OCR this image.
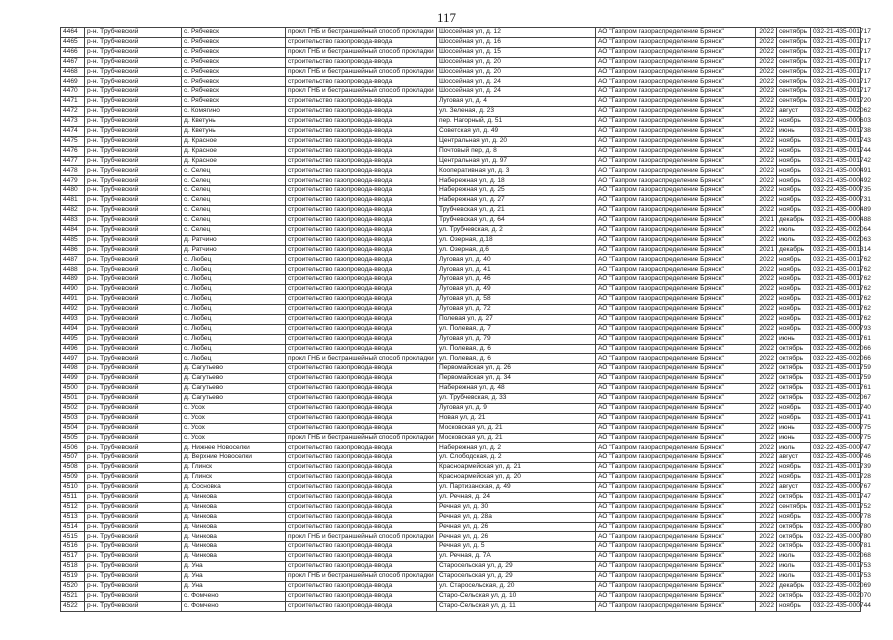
117
4464	р-н. Трубчевский	с. Рябчевск	прокл ГНБ и бестраншейный способ прокладки	Шоссейная ул, д. 12	АО "Газпром газораспределение Брянск"	2022	сентябрь	032-21-435-001717
4465	р-н. Трубчевский	с. Рябчевск	строительство газопровода-ввода	Шоссейная ул, д. 16	АО "Газпром газораспределение Брянск"	2022	сентябрь	032-21-435-001717
4466	р-н. Трубчевский	с. Рябчевск	прокл ГНБ и бестраншейный способ прокладки	Шоссейная ул, д. 15	АО "Газпром газораспределение Брянск"	2022	сентябрь	032-21-435-001717
4467	р-н. Трубчевский	с. Рябчевск	строительство газопровода-ввода	Шоссейная ул, д. 20	АО "Газпром газораспределение Брянск"	2022	сентябрь	032-21-435-001717
4468	р-н. Трубчевский	с. Рябчевск	прокл ГНБ и бестраншейный способ прокладки	Шоссейная ул, д. 20	АО "Газпром газораспределение Брянск"	2022	сентябрь	032-21-435-001717
4469	р-н. Трубчевский	с. Рябчевск	строительство газопровода-ввода	Шоссейная ул, д. 24	АО "Газпром газораспределение Брянск"	2022	сентябрь	032-21-435-001717
4470	р-н. Трубчевский	с. Рябчевск	прокл ГНБ и бестраншейный способ прокладки	Шоссейная ул, д. 24	АО "Газпром газораспределение Брянск"	2022	сентябрь	032-21-435-001717
4471	р-н. Трубчевский	с. Рябчевск	строительство газопровода-ввода	Луговая ул, д. 4	АО "Газпром газораспределение Брянск"	2022	сентябрь	032-21-435-001720
4472	р-н. Трубчевский	с. Комягино	строительство газопровода-ввода	ул. Зеленая, д. 23	АО "Газпром газораспределение Брянск"	2022	август	032-22-435-002062
4473	р-н. Трубчевский	д. Кветунь	строительство газопровода-ввода	пер. Нагорный, д. 51	АО "Газпром газораспределение Брянск"	2022	ноябрь	032-22-435-000603
4474	р-н. Трубчевский	д. Кветунь	строительство газопровода-ввода	Советская ул, д. 49	АО "Газпром газораспределение Брянск"	2022	июнь	032-21-435-001738
4475	р-н. Трубчевский	д. Красное	строительство газопровода-ввода	Центральная ул, д. 20	АО "Газпром газораспределение Брянск"	2022	ноябрь	032-21-435-001743
4476	р-н. Трубчевский	д. Красное	строительство газопровода-ввода	Почтовый пер, д. 8	АО "Газпром газораспределение Брянск"	2022	ноябрь	032-21-435-001744
4477	р-н. Трубчевский	д. Красное	строительство газопровода-ввода	Центральная ул, д. 97	АО "Газпром газораспределение Брянск"	2022	ноябрь	032-21-435-001742
4478	р-н. Трубчевский	с. Селец	строительство газопровода-ввода	Кооперативная ул, д. 3	АО "Газпром газораспределение Брянск"	2022	ноябрь	032-21-435-000491
4479	р-н. Трубчевский	с. Селец	строительство газопровода-ввода	Набережная ул, д. 18	АО "Газпром газораспределение Брянск"	2022	ноябрь	032-21-435-000492
4480	р-н. Трубчевский	с. Селец	строительство газопровода-ввода	Набережная ул, д. 25	АО "Газпром газораспределение Брянск"	2022	ноябрь	032-22-435-000735
4481	р-н. Трубчевский	с. Селец	строительство газопровода-ввода	Набережная ул, д. 27	АО "Газпром газораспределение Брянск"	2022	ноябрь	032-22-435-000731
4482	р-н. Трубчевский	с. Селец	строительство газопровода-ввода	Трубчевская ул, д. 21	АО "Газпром газораспределение Брянск"	2022	ноябрь	032-21-435-000489
4483	р-н. Трубчевский	с. Селец	строительство газопровода-ввода	Трубчевская ул, д. 64	АО "Газпром газораспределение Брянск"	2021	декабрь	032-21-435-000488
4484	р-н. Трубчевский	с. Селец	строительство газопровода-ввода	ул. Трубчевская, д. 2	АО "Газпром газораспределение Брянск"	2022	июль	032-22-435-002064
4485	р-н. Трубчевский	д. Ратчино	строительство газопровода-ввода	ул. Озерная, д.18	АО "Газпром газораспределение Брянск"	2022	июль	032-22-435-002063
4486	р-н. Трубчевский	д. Ратчино	строительство газопровода-ввода	ул. Озерная, д.6	АО "Газпром газораспределение Брянск"	2021	декабрь	032-21-435-001314
4487	р-н. Трубчевский	с. Любец	строительство газопровода-ввода	Луговая ул, д. 40	АО "Газпром газораспределение Брянск"	2022	ноябрь	032-21-435-001762
4488	р-н. Трубчевский	с. Любец	строительство газопровода-ввода	Луговая ул, д. 41	АО "Газпром газораспределение Брянск"	2022	ноябрь	032-21-435-001762
4489	р-н. Трубчевский	с. Любец	строительство газопровода-ввода	Луговая ул, д. 46	АО "Газпром газораспределение Брянск"	2022	ноябрь	032-21-435-001762
4490	р-н. Трубчевский	с. Любец	строительство газопровода-ввода	Луговая ул, д. 49	АО "Газпром газораспределение Брянск"	2022	ноябрь	032-21-435-001762
4491	р-н. Трубчевский	с. Любец	строительство газопровода-ввода	Луговая ул, д. 58	АО "Газпром газораспределение Брянск"	2022	ноябрь	032-21-435-001762
4492	р-н. Трубчевский	с. Любец	строительство газопровода-ввода	Луговая ул, д. 72	АО "Газпром газораспределение Брянск"	2022	ноябрь	032-21-435-001762
4493	р-н. Трубчевский	с. Любец	строительство газопровода-ввода	Полевая ул, д. 27	АО "Газпром газораспределение Брянск"	2022	ноябрь	032-21-435-001762
4494	р-н. Трубчевский	с. Любец	строительство газопровода-ввода	ул. Полевая, д. 7	АО "Газпром газораспределение Брянск"	2022	ноябрь	032-21-435-000793
4495	р-н. Трубчевский	с. Любец	строительство газопровода-ввода	Луговая ул, д. 79	АО "Газпром газораспределение Брянск"	2022	июнь	032-21-435-001761
4496	р-н. Трубчевский	с. Любец	строительство газопровода-ввода	ул. Полевая, д. 6	АО "Газпром газораспределение Брянск"	2022	октябрь	032-22-435-002066
4497	р-н. Трубчевский	с. Любец	прокл ГНБ и бестраншейный способ прокладки	ул. Полевая, д. 6	АО "Газпром газораспределение Брянск"	2022	октябрь	032-22-435-002066
4498	р-н. Трубчевский	д. Сагутьево	строительство газопровода-ввода	Первомайская ул, д. 26	АО "Газпром газораспределение Брянск"	2022	октябрь	032-21-435-001759
4499	р-н. Трубчевский	д. Сагутьево	строительство газопровода-ввода	Первомайская ул, д. 34	АО "Газпром газораспределение Брянск"	2022	октябрь	032-21-435-001759
4500	р-н. Трубчевский	д. Сагутьево	строительство газопровода-ввода	Набережная ул, д. 48	АО "Газпром газораспределение Брянск"	2022	октябрь	032-21-435-001761
4501	р-н. Трубчевский	д. Сагутьево	строительство газопровода-ввода	ул. Трубчевская, д. 33	АО "Газпром газораспределение Брянск"	2022	октябрь	032-22-435-002067
4502	р-н. Трубчевский	с. Усох	строительство газопровода-ввода	Луговая ул, д. 9	АО "Газпром газораспределение Брянск"	2022	ноябрь	032-21-435-001740
4503	р-н. Трубчевский	с. Усох	строительство газопровода-ввода	Новая ул, д. 21	АО "Газпром газораспределение Брянск"	2022	ноябрь	032-21-435-001741
4504	р-н. Трубчевский	с. Усох	строительство газопровода-ввода	Московская ул, д. 21	АО "Газпром газораспределение Брянск"	2022	июнь	032-22-435-000775
4505	р-н. Трубчевский	с. Усох	прокл ГНБ и бестраншейный способ прокладки	Московская ул, д. 21	АО "Газпром газораспределение Брянск"	2022	июнь	032-22-435-000775
4506	р-н. Трубчевский	д. Нижнее Новоселки	строительство газопровода-ввода	Набережная ул, д. 2	АО "Газпром газораспределение Брянск"	2022	июль	032-22-435-000747
4507	р-н. Трубчевский	д. Верхние Новоселки	строительство газопровода-ввода	ул. Слободская, д. 2	АО "Газпром газораспределение Брянск"	2022	август	032-22-435-000746
4508	р-н. Трубчевский	д. Глинск	строительство газопровода-ввода	Красноармейская ул, д. 21	АО "Газпром газораспределение Брянск"	2022	ноябрь	032-21-435-001739
4509	р-н. Трубчевский	д. Глинск	строительство газопровода-ввода	Красноармейская ул, д. 20	АО "Газпром газораспределение Брянск"	2022	ноябрь	032-21-435-001728
4510	р-н. Трубчевский	д. Сосновка	строительство газопровода-ввода	ул. Партизанская, д. 49	АО "Газпром газораспределение Брянск"	2022	август	032-22-435-000767
4511	р-н. Трубчевский	д. Чинкова	строительство газопровода-ввода	ул. Речная, д. 24	АО "Газпром газораспределение Брянск"	2022	октябрь	032-21-435-001747
4512	р-н. Трубчевский	д. Чинкова	строительство газопровода-ввода	Речная ул, д. 30	АО "Газпром газораспределение Брянск"	2022	сентябрь	032-21-435-001752
4513	р-н. Трубчевский	д. Чинкова	строительство газопровода-ввода	Речная ул, д. 28а	АО "Газпром газораспределение Брянск"	2022	ноябрь	032-22-435-000778
4514	р-н. Трубчевский	д. Чинкова	строительство газопровода-ввода	Речная ул, д. 26	АО "Газпром газораспределение Брянск"	2022	октябрь	032-22-435-000780
4515	р-н. Трубчевский	д. Чинкова	прокл ГНБ и бестраншейный способ прокладки	Речная ул, д. 26	АО "Газпром газораспределение Брянск"	2022	октябрь	032-22-435-000780
4516	р-н. Трубчевский	д. Чинкова	строительство газопровода-ввода	Речная ул, д. 5	АО "Газпром газораспределение Брянск"	2022	октябрь	032-22-435-000781
4517	р-н. Трубчевский	д. Чинкова	строительство газопровода-ввода	ул. Речная, д. 7А	АО "Газпром газораспределение Брянск"	2022	июль	032-22-435-002068
4518	р-н. Трубчевский	д. Уна	строительство газопровода-ввода	Старосельская ул, д. 29	АО "Газпром газораспределение Брянск"	2022	июль	032-21-435-001753
4519	р-н. Трубчевский	д. Уна	прокл ГНБ и бестраншейный способ прокладки	Старосельская ул, д. 29	АО "Газпром газораспределение Брянск"	2022	июль	032-21-435-001753
4520	р-н. Трубчевский	д. Уна	строительство газопровода-ввода	ул. Старосельская, д. 20	АО "Газпром газораспределение Брянск"	2022	декабрь	032-22-435-002069
4521	р-н. Трубчевский	с. Фомчено	строительство газопровода-ввода	Старо-Сельская ул, д. 10	АО "Газпром газораспределение Брянск"	2022	октябрь	032-22-435-002070
4522	р-н. Трубчевский	с. Фомчено	строительство газопровода-ввода	Старо-Сельская ул, д. 11	АО "Газпром газораспределение Брянск"	2022	ноябрь	032-22-435-000744
